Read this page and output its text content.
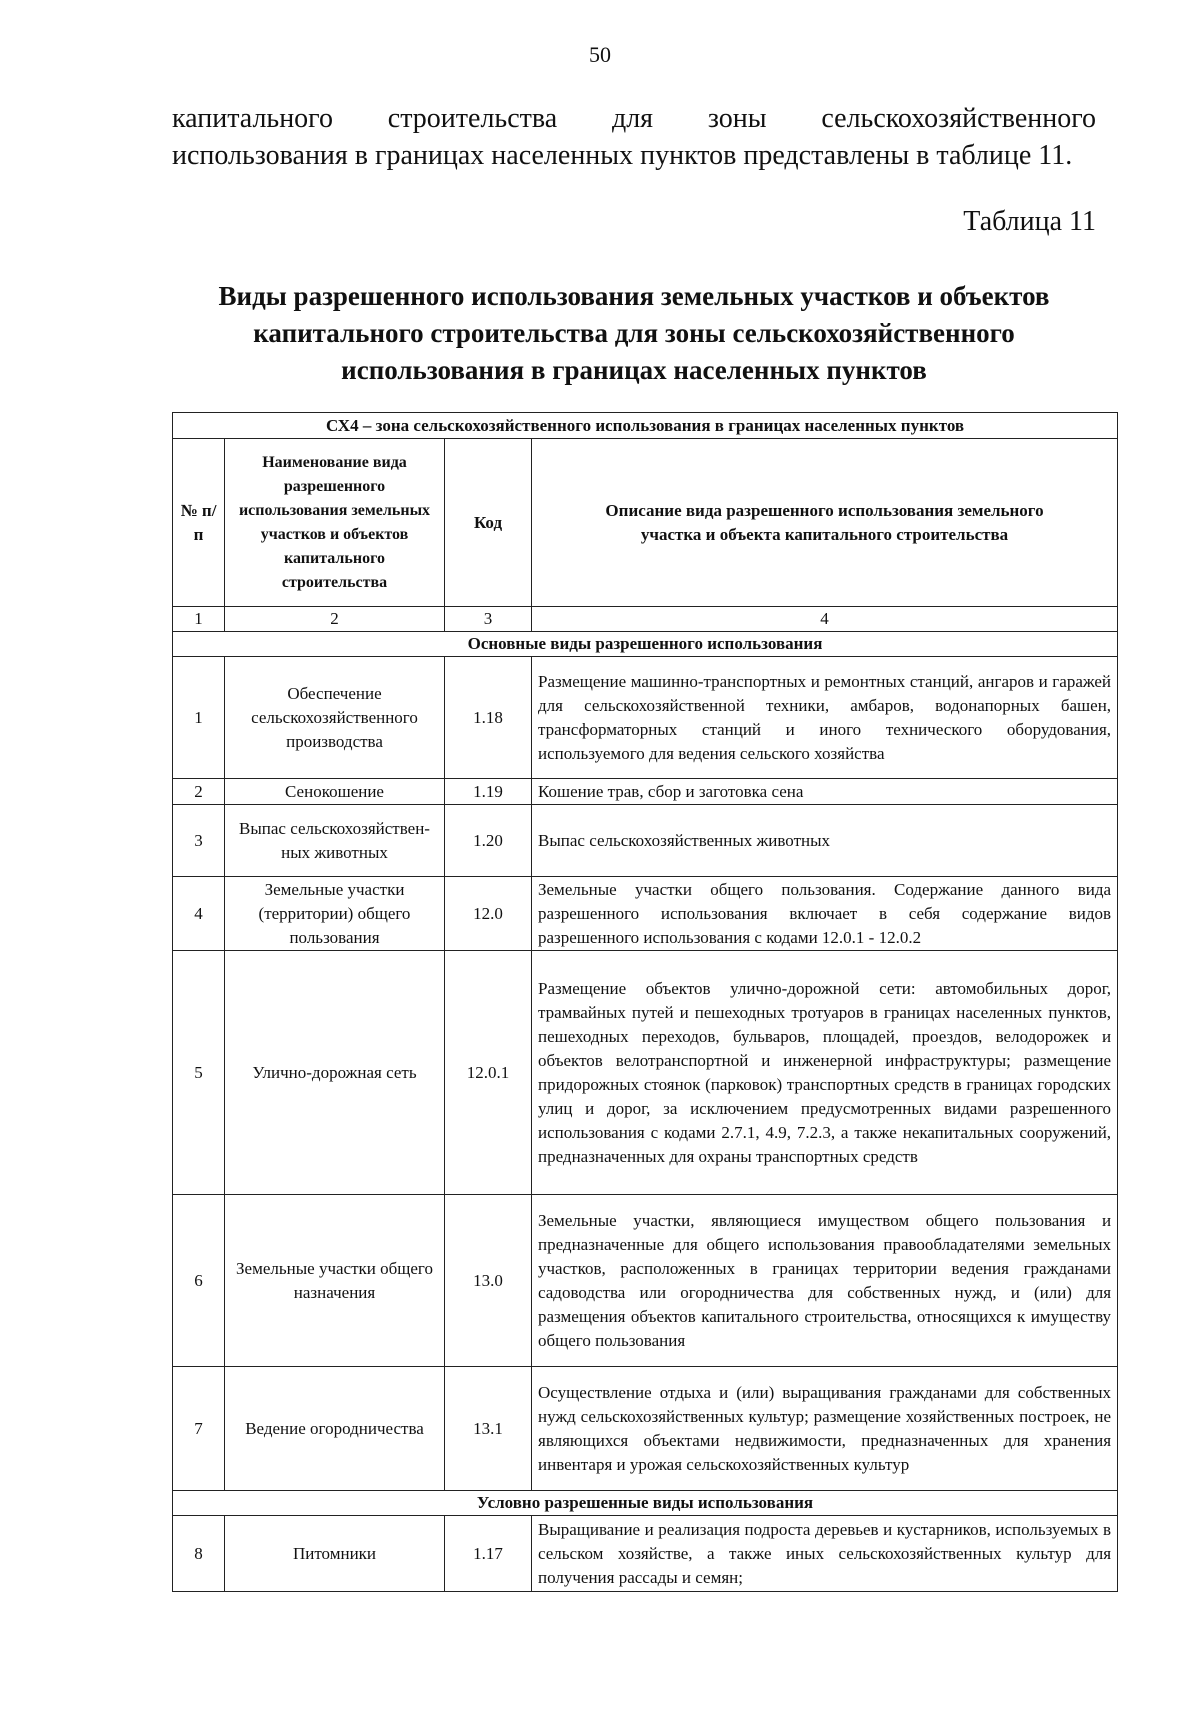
50
капитального строительства для зоны сельскохозяйственного
использования в границах населенных пунктов представлены в таблице 11.
Таблица 11
Виды разрешенного использования земельных участков и объектов
капитального строительства для зоны сельскохозяйственного
использования в границах населенных пунктов
СХ4 – зона сельскохозяйственного использования в границах населенных пунктов			
№ п/п	Наименование вида разрешенного использования земельных участков и объектов капитального строительства	Код	Описание вида разрешенного использования земельного участка и объекта капитального строительства
1	2	3	4
Основные виды разрешенного использования			
1	Обеспечение сельскохозяйственного производства	1.18	Размещение машинно-транспортных и ремонтных станций, ангаров и гаражей для сельскохозяйственной техники, амбаров, водонапорных башен, трансформаторных станций и иного технического оборудования, используемого для ведения сельского хозяйства
2	Сенокошение	1.19	Кошение трав, сбор и заготовка сена
3	Выпас сельскохозяйствен-ных животных	1.20	Выпас сельскохозяйственных животных
4	Земельные участки (территории) общего пользования	12.0	Земельные участки общего пользования. Содержание данного вида разрешенного использования включает в себя содержание видов разрешенного использования с кодами 12.0.1 - 12.0.2
5	Улично-дорожная сеть	12.0.1	Размещение объектов улично-дорожной сети: автомобильных дорог, трамвайных путей и пешеходных тротуаров в границах населенных пунктов, пешеходных переходов, бульваров, площадей, проездов, велодорожек и объектов велотранспортной и инженерной инфраструктуры; размещение придорожных стоянок (парковок) транспортных средств в границах городских улиц и дорог, за исключением предусмотренных видами разрешенного использования с кодами 2.7.1, 4.9, 7.2.3, а также некапитальных сооружений, предназначенных для охраны транспортных средств
6	Земельные участки общего назначения	13.0	Земельные участки, являющиеся имуществом общего пользования и предназначенные для общего использования правообладателями земельных участков, расположенных в границах территории ведения гражданами садоводства или огородничества для собственных нужд, и (или) для размещения объектов капитального строительства, относящихся к имуществу общего пользования
7	Ведение огородничества	13.1	Осуществление отдыха и (или) выращивания гражданами для собственных нужд сельскохозяйственных культур; размещение хозяйственных построек, не являющихся объектами недвижимости, предназначенных для хранения инвентаря и урожая сельскохозяйственных культур
Условно разрешенные виды использования			
8	Питомники	1.17	Выращивание и реализация подроста деревьев и кустарников, используемых в сельском хозяйстве, а также иных сельскохозяйственных культур для получения рассады и семян;
